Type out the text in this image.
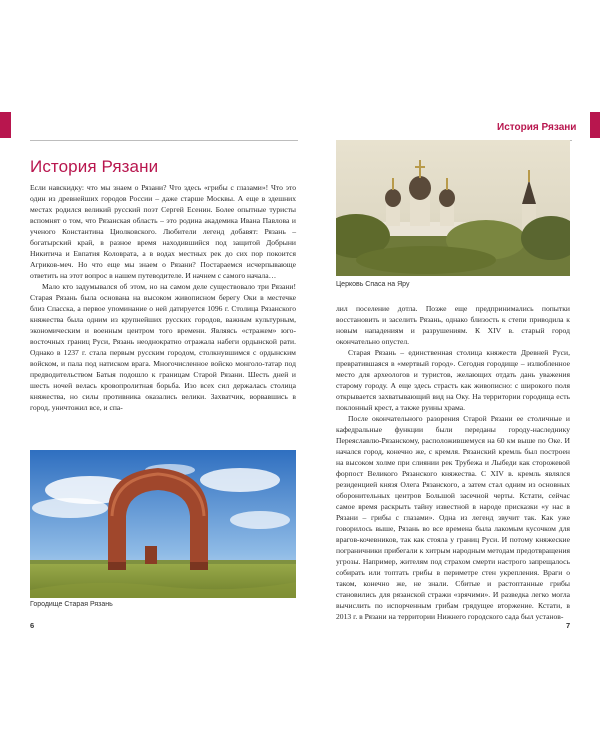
История Рязани
История Рязани

Если навскидку: что мы знаем о Рязани? Что здесь «грибы с глазами»! Что это один из древнейших городов России – даже старше Москвы. А еще в здешних местах родился великий русский поэт Сергей Есенин. Более опытные туристы вспомнят о том, что Рязанская область – это родина академика Ивана Павлова и ученого Константина Циолковского. Любители легенд добавят: Рязань – богатырский край, в разное время находившийся под защитой Добрыни Никитича и Евпатия Коловрата, а в водах местных рек до сих пор покоится Агриков-меч. Но что еще мы знаем о Рязани? Постараемся исчерпывающе ответить на этот вопрос в нашем путеводителе. И начнем с самого начала…

Мало кто задумывался об этом, но на самом деле существовало три Рязани! Старая Рязань была основана на высоком живописном берегу Оки в местечке близ Спасска, а первое упоминание о ней датируется 1096 г. Столица Рязанского княжества была одним из крупнейших русских городов, важным культурным, экономическим и военным центром того времени. Являясь «стражем» юго-восточных границ Руси, Рязань неоднократно отражала набеги ордынской рати. Однако в 1237 г. стала первым русским городом, столкнувшимся с ордынским войском, и пала под натиском врага. Многочисленное войско монголо-татар под предводительством Батыя подошло к границам Старой Рязани. Шесть дней и шесть ночей велась кровопролитная борьба. Изо всех сил держалась столица княжества, но силы противника оказались велики. Захватчик, ворвавшись в город, уничтожил все, и спа-

Городище Старая Рязань
Церковь Спаса на Яру

лил поселение дотла. Позже еще предпринимались попытки восстановить и заселить Рязань, однако близость к степи приводила к новым нападениям и разрушениям. К XIV в. старый город окончательно опустел.

Старая Рязань – единственная столица княжеств Древней Руси, превратившаяся в «мертвый город». Сегодня городище – излюбленное место для археологов и туристов, желающих отдать дань уважения старому городу. А еще здесь страсть как живописно: с широкого поля открывается захватывающий вид на Оку. На территории городища есть поклонный крест, а также руины храма.

После окончательного разорения Старой Рязани ее столичные и кафедральные функции были переданы городу-наследнику Переяславлю-Рязанскому, расположившемуся на 60 км выше по Оке. И начался город, конечно же, с кремля. Рязанский кремль был построен на высоком холме при слиянии рек Трубежа и Лыбеди как сторожевой форпост Великого Рязанского княжества. С XIV в. кремль являлся резиденцией князя Олега Рязанского, а затем стал одним из основных оборонительных центров Большой засечной черты. Кстати, сейчас самое время раскрыть тайну известной в народе присказки «у нас в Рязани – грибы с глазами». Одна из легенд звучит так. Как уже говорилось выше, Рязань во все времена была лакомым кусочком для врагов-кочевников, так как стояла у границ Руси. И потому княжеские пограничники прибегали к хитрым народным методам предотвращения угрозы. Например, жителям под страхом смерти настрого запрещалось собирать или топтать грибы в периметре стен укрепления. Враги о таком, конечно же, не знали. Сбитые и растоптанные грибы становились для рязанской стражи «зрячими». И разведка легко могла вычислить по испорченным грибам грядущее вторжение. Кстати, в 2013 г. в Рязани на территории Нижнего городского сада был установ-

6	7
